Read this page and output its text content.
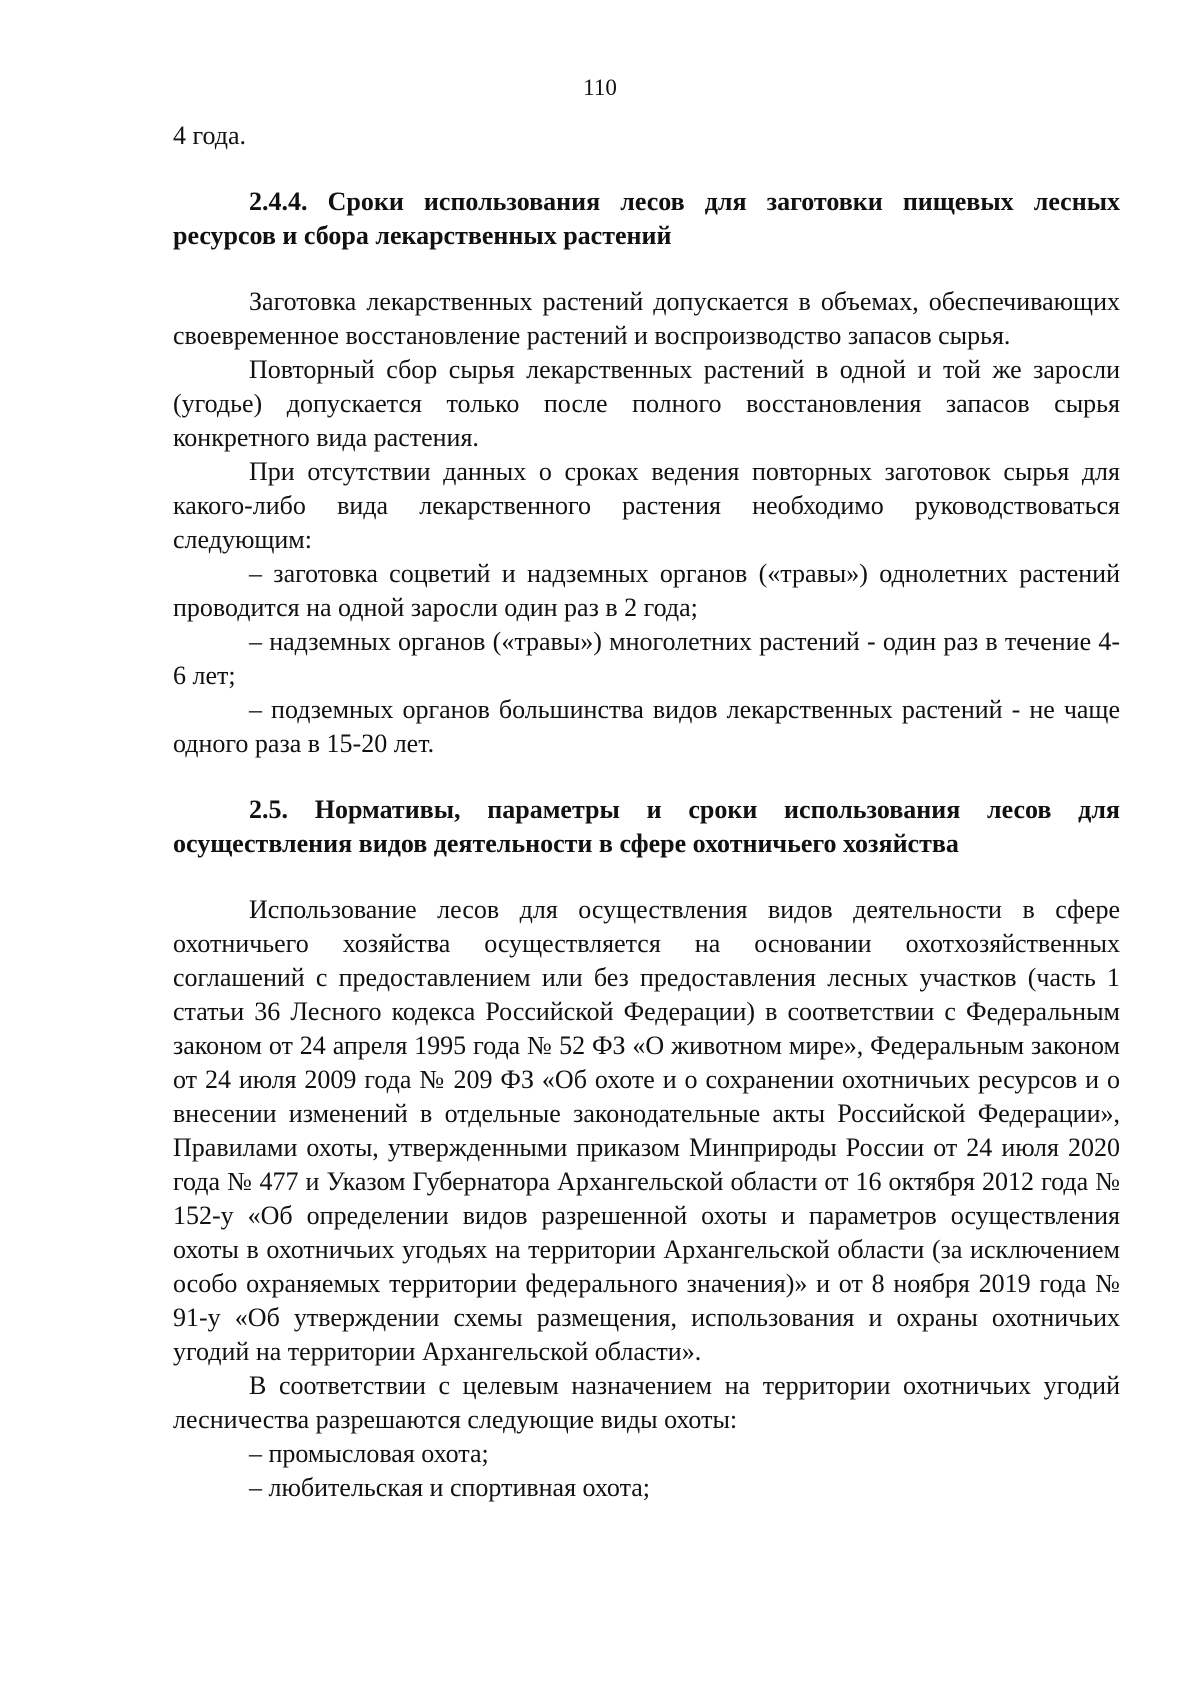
110

4 года.

2.4.4. Сроки использования лесов для заготовки пищевых лесных ресурсов и сбора лекарственных растений

Заготовка лекарственных растений допускается в объемах, обеспечивающих своевременное восстановление растений и воспроизводство запасов сырья.

Повторный сбор сырья лекарственных растений в одной и той же заросли (угодье) допускается только после полного восстановления запасов сырья конкретного вида растения.

При отсутствии данных о сроках ведения повторных заготовок сырья для какого-либо вида лекарственного растения необходимо руководствоваться следующим:

– заготовка соцветий и надземных органов («травы») однолетних растений проводится на одной заросли один раз в 2 года;

– надземных органов («травы») многолетних растений - один раз в течение 4-6 лет;

– подземных органов большинства видов лекарственных растений - не чаще одного раза в 15-20 лет.

2.5. Нормативы, параметры и сроки использования лесов для осуществления видов деятельности в сфере охотничьего хозяйства

Использование лесов для осуществления видов деятельности в сфере охотничьего хозяйства осуществляется на основании охотхозяйственных соглашений с предоставлением или без предоставления лесных участков (часть 1 статьи 36 Лесного кодекса Российской Федерации) в соответствии с Федеральным законом от 24 апреля 1995 года № 52 ФЗ «О животном мире», Федеральным законом от 24 июля 2009 года № 209 ФЗ «Об охоте и о сохранении охотничьих ресурсов и о внесении изменений в отдельные законодательные акты Российской Федерации», Правилами охоты, утвержденными приказом Минприроды России от 24 июля 2020 года № 477 и Указом Губернатора Архангельской области от 16 октября 2012 года № 152-у «Об определении видов разрешенной охоты и параметров осуществления охоты в охотничьих угодьях на территории Архангельской области (за исключением особо охраняемых территории федерального значения)» и от 8 ноября 2019 года № 91-у «Об утверждении схемы размещения, использования и охраны охотничьих угодий на территории Архангельской области».

В соответствии с целевым назначением на территории охотничьих угодий лесничества разрешаются следующие виды охоты:

– промысловая охота;

– любительская и спортивная охота;
